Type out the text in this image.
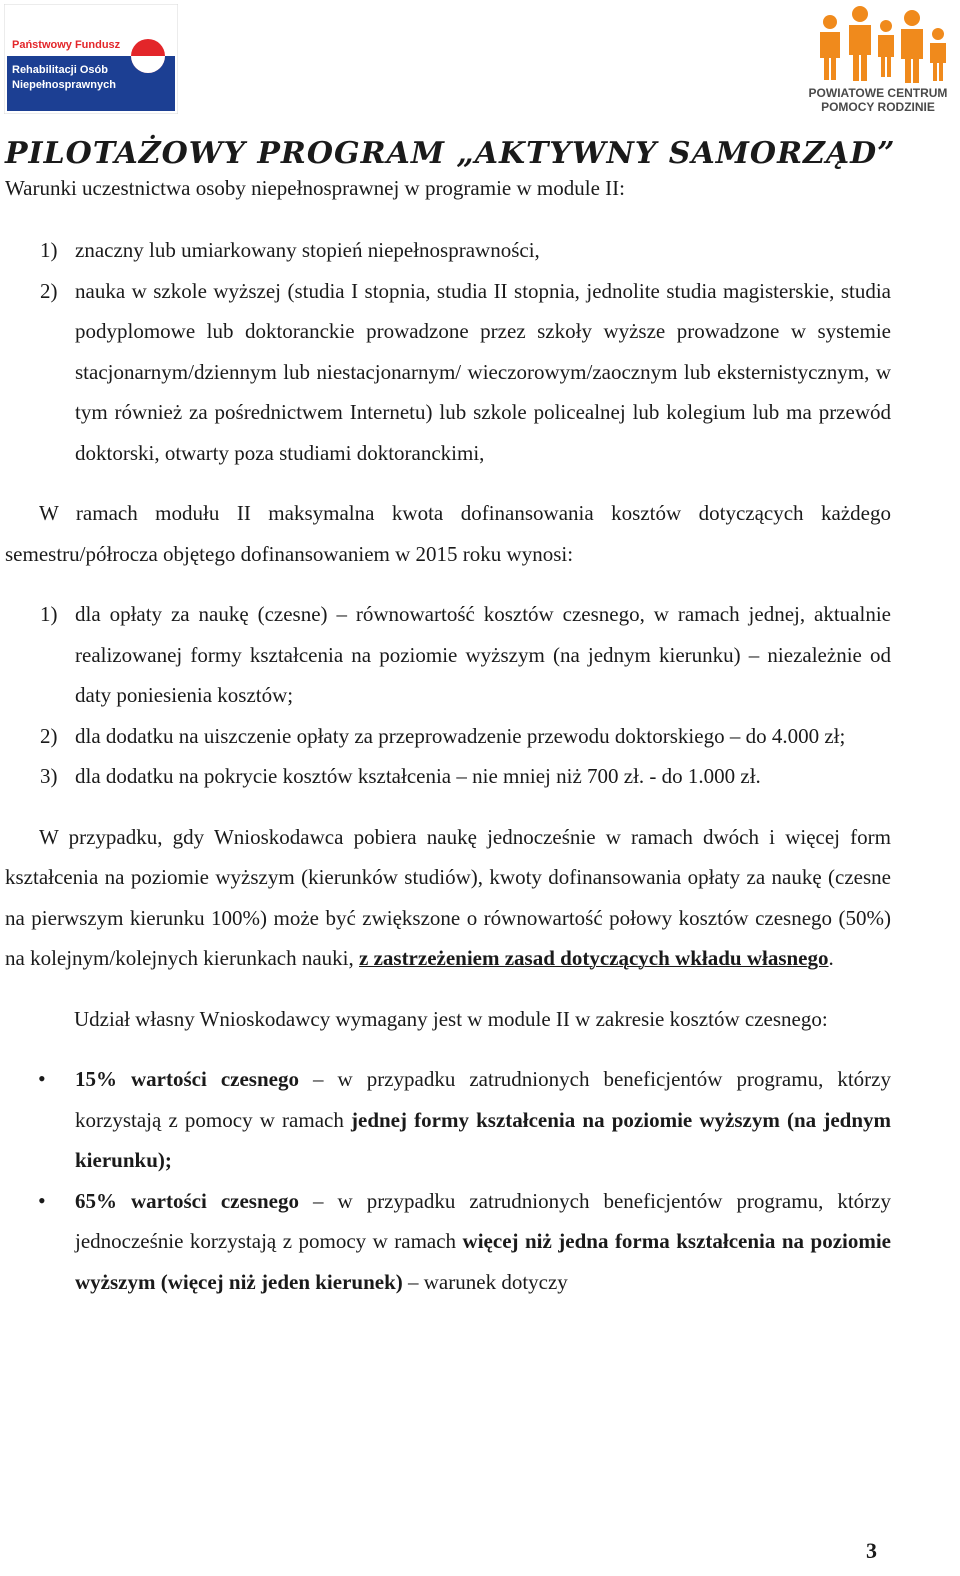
Państwowy Fundusz
Rehabilitacji Osób
Niepełnosprawnych
POWIATOWE CENTRUM
POMOCY RODZINIE
PILOTAŻOWY PROGRAM „AKTYWNY SAMORZĄD”
Warunki uczestnictwa osoby niepełnosprawnej w programie w module II:
1) znaczny lub umiarkowany stopień niepełnosprawności,
2) nauka w szkole wyższej (studia I stopnia, studia II stopnia, jednolite studia magisterskie, studia podyplomowe lub doktoranckie prowadzone przez szkoły wyższe prowadzone w systemie stacjonarnym/dziennym lub niestacjonarnym/ wieczorowym/zaocznym lub eksternistycznym, w tym również za pośrednictwem Internetu) lub szkole policealnej lub kolegium lub ma przewód doktorski, otwarty poza studiami doktoranckimi,

W ramach modułu II maksymalna kwota dofinansowania kosztów dotyczących każdego semestru/półrocza objętego dofinansowaniem w 2015 roku wynosi:

1) dla opłaty za naukę (czesne) – równowartość kosztów czesnego, w ramach jednej, aktualnie realizowanej formy kształcenia na poziomie wyższym (na jednym kierunku) – niezależnie od daty poniesienia kosztów;
2) dla dodatku na uiszczenie opłaty za przeprowadzenie przewodu doktorskiego – do 4.000 zł;
3) dla dodatku na pokrycie kosztów kształcenia – nie mniej niż 700 zł. - do 1.000 zł.

W przypadku, gdy Wnioskodawca pobiera naukę jednocześnie w ramach dwóch i więcej form kształcenia na poziomie wyższym (kierunków studiów), kwoty dofinansowania opłaty za naukę (czesne na pierwszym kierunku 100%) może być zwiększone o równowartość połowy kosztów czesnego (50%) na kolejnym/kolejnych kierunkach nauki, z zastrzeżeniem zasad dotyczących wkładu własnego.

Udział własny Wnioskodawcy wymagany jest w module II w zakresie kosztów czesnego:

• 15% wartości czesnego – w przypadku zatrudnionych beneficjentów programu, którzy korzystają z pomocy w ramach jednej formy kształcenia na poziomie wyższym (na jednym kierunku);
• 65% wartości czesnego – w przypadku zatrudnionych beneficjentów programu, którzy jednocześnie korzystają z pomocy w ramach więcej niż jedna forma kształcenia na poziomie wyższym (więcej niż jeden kierunek) – warunek dotyczy
3
